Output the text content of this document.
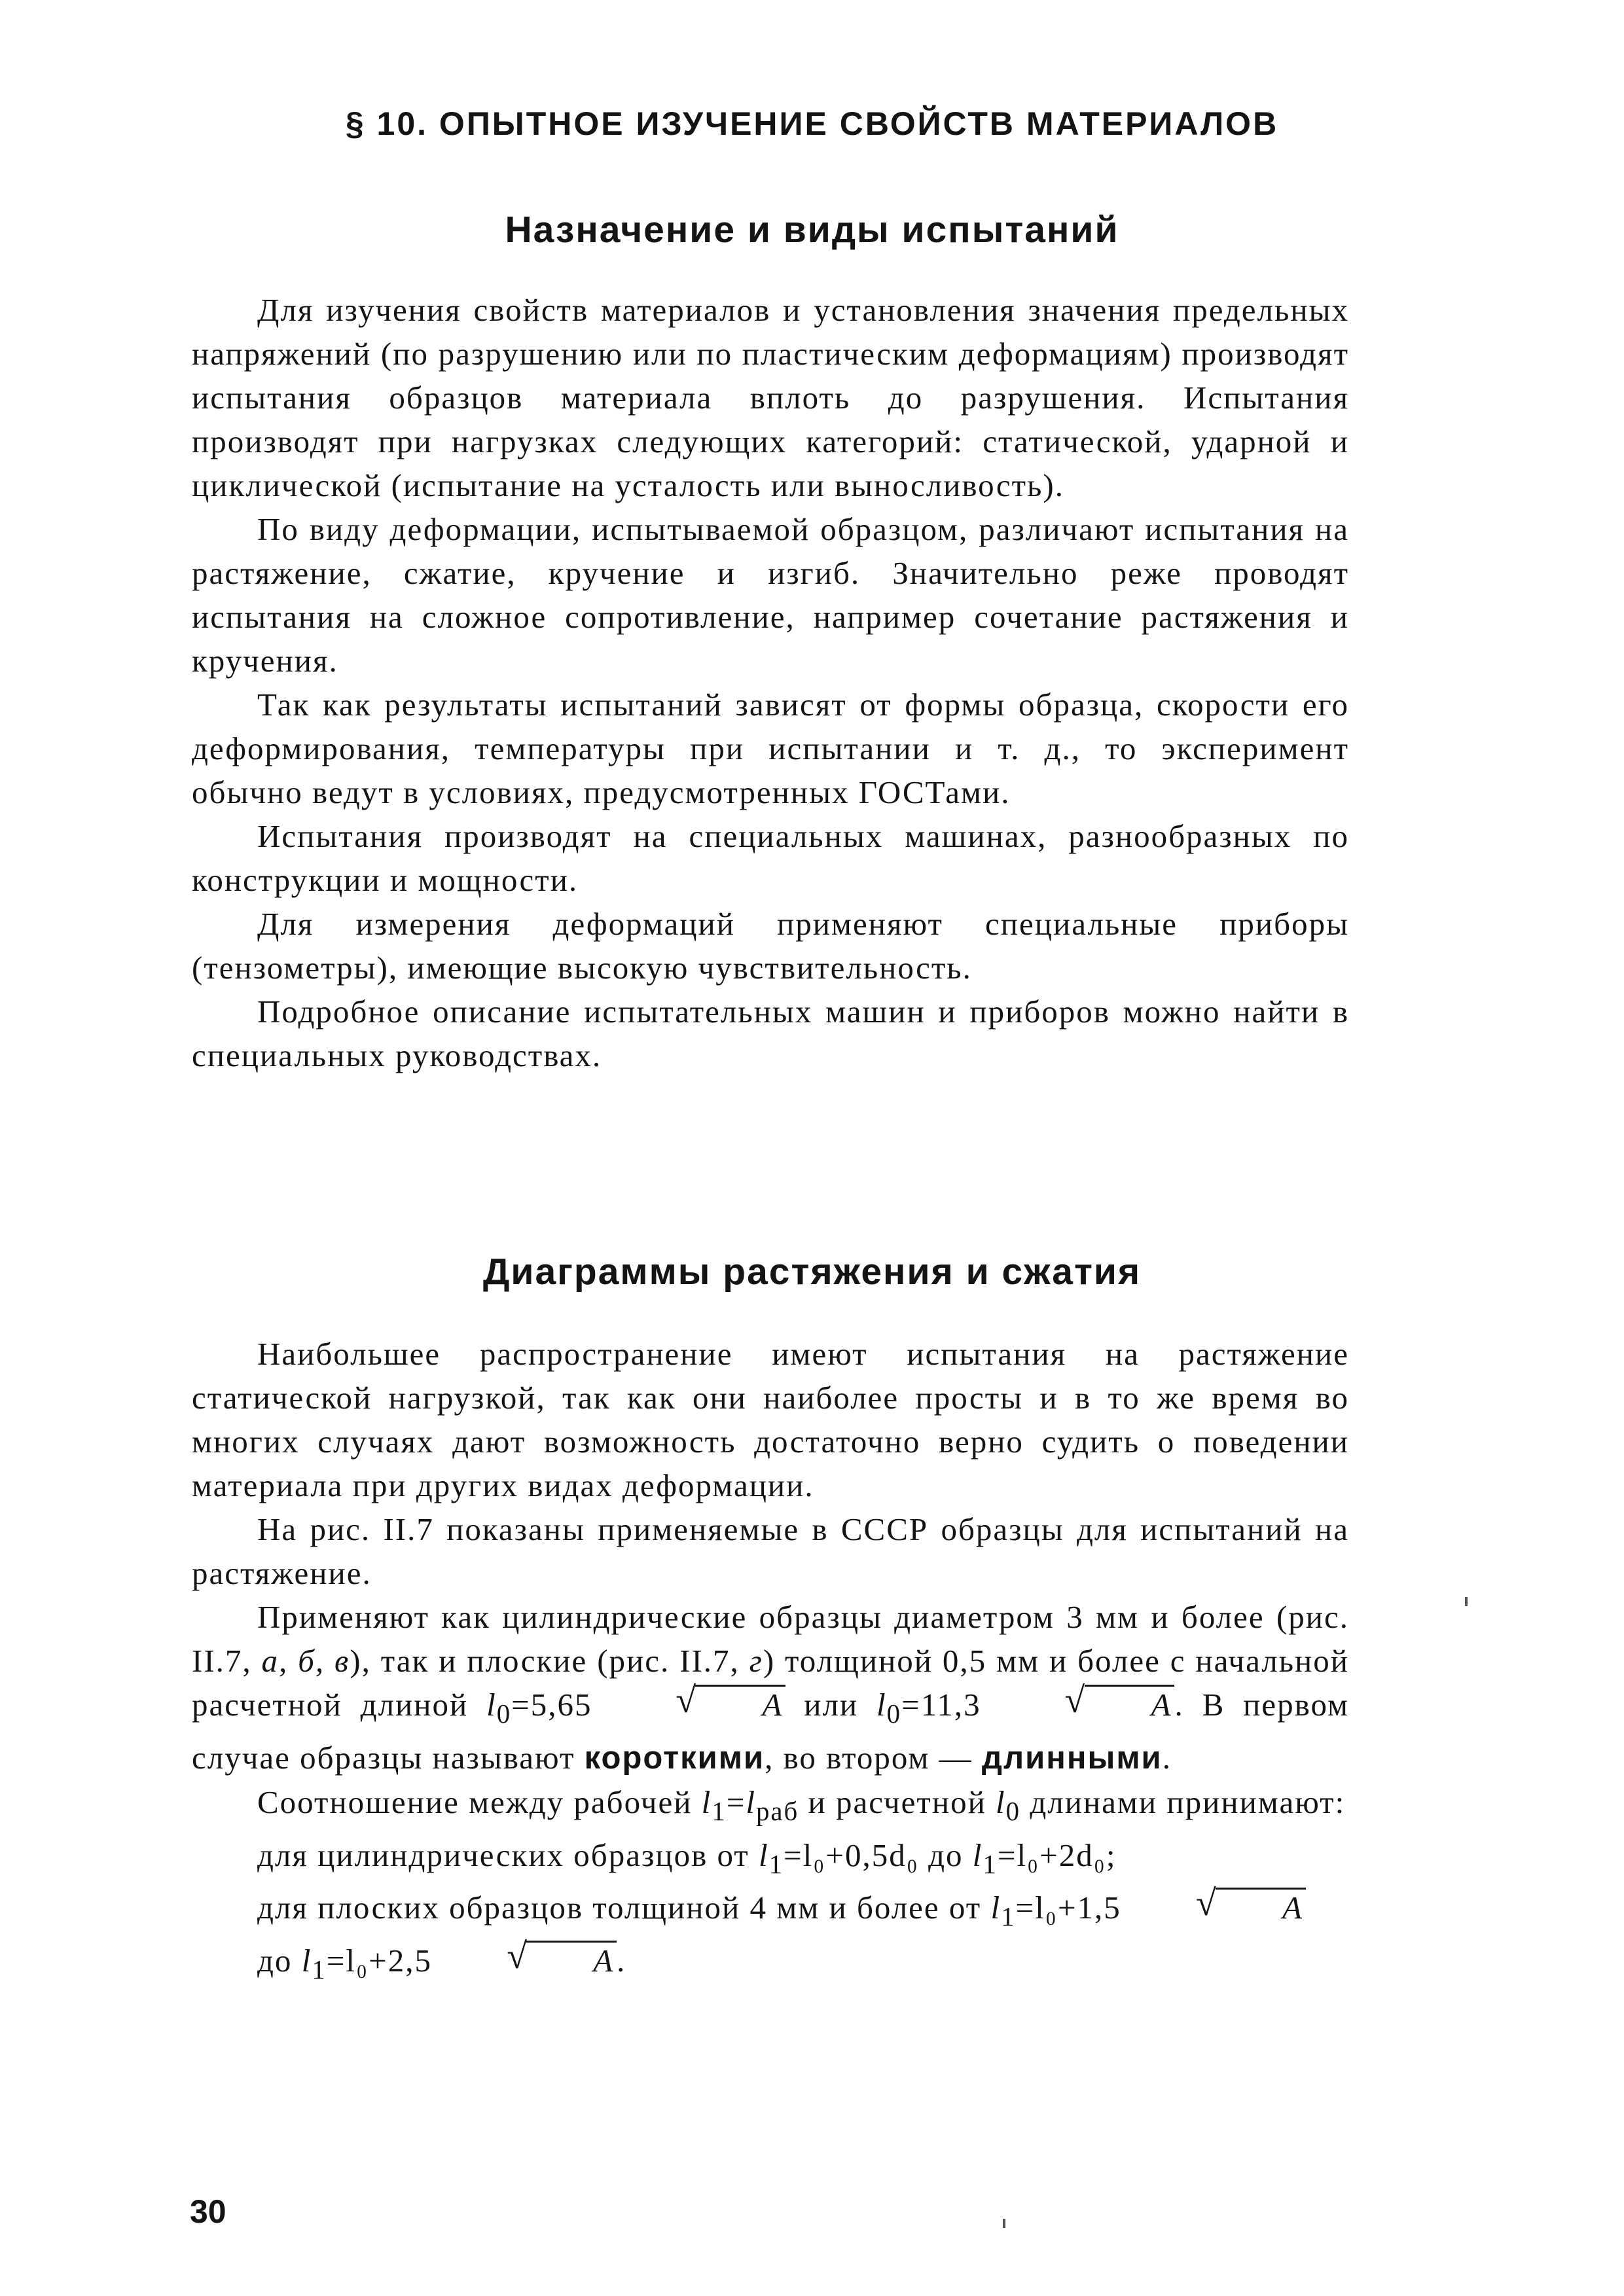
§ 10. ОПЫТНОЕ ИЗУЧЕНИЕ СВОЙСТВ МАТЕРИАЛОВ
Назначение и виды испытаний

Для изучения свойств материалов и установления значения предельных напряжений (по разрушению или по пластическим деформациям) производят испытания образцов материала вплоть до разрушения. Испытания производят при нагрузках следующих категорий: статической, ударной и циклической (испытание на усталость или выносливость).

По виду деформации, испытываемой образцом, различают испытания на растяжение, сжатие, кручение и изгиб. Значительно реже проводят испытания на сложное сопротивление, например сочетание растяжения и кручения.

Так как результаты испытаний зависят от формы образца, скорости его деформирования, температуры при испытании и т. д., то эксперимент обычно ведут в условиях, предусмотренных ГОСТами.

Испытания производят на специальных машинах, разнообразных по конструкции и мощности.

Для измерения деформаций применяют специальные приборы (тензометры), имеющие высокую чувствительность.

Подробное описание испытательных машин и приборов можно найти в специальных руководствах.

Диаграммы растяжения и сжатия

Наибольшее распространение имеют испытания на растяжение статической нагрузкой, так как они наиболее просты и в то же время во многих случаях дают возможность достаточно верно судить о поведении материала при других видах деформации.

На рис. II.7 показаны применяемые в СССР образцы для испытаний на растяжение.

Применяют как цилиндрические образцы диаметром 3 мм и более (рис. II.7, а, б, в), так и плоские (рис. II.7, г) толщиной 0,5 мм и более с начальной расчетной длиной $l_0=5,65$	√ A или $l_0=11,3$	√ A. В первом случае образцы называют короткими, во втором — длинными.

Соотношение между рабочей $l_1=l_{раб}$ и расчетной $l_0$ длинами принимают:

для цилиндрических образцов от $l_1=l_0+0,5d_0$ до $l_1=l_0+2d_0$;

для плоских образцов толщиной 4 мм и более от $l_1=l_0+1,5$	√ A

до $l_1=l_0+2,5$	√ A.

30
